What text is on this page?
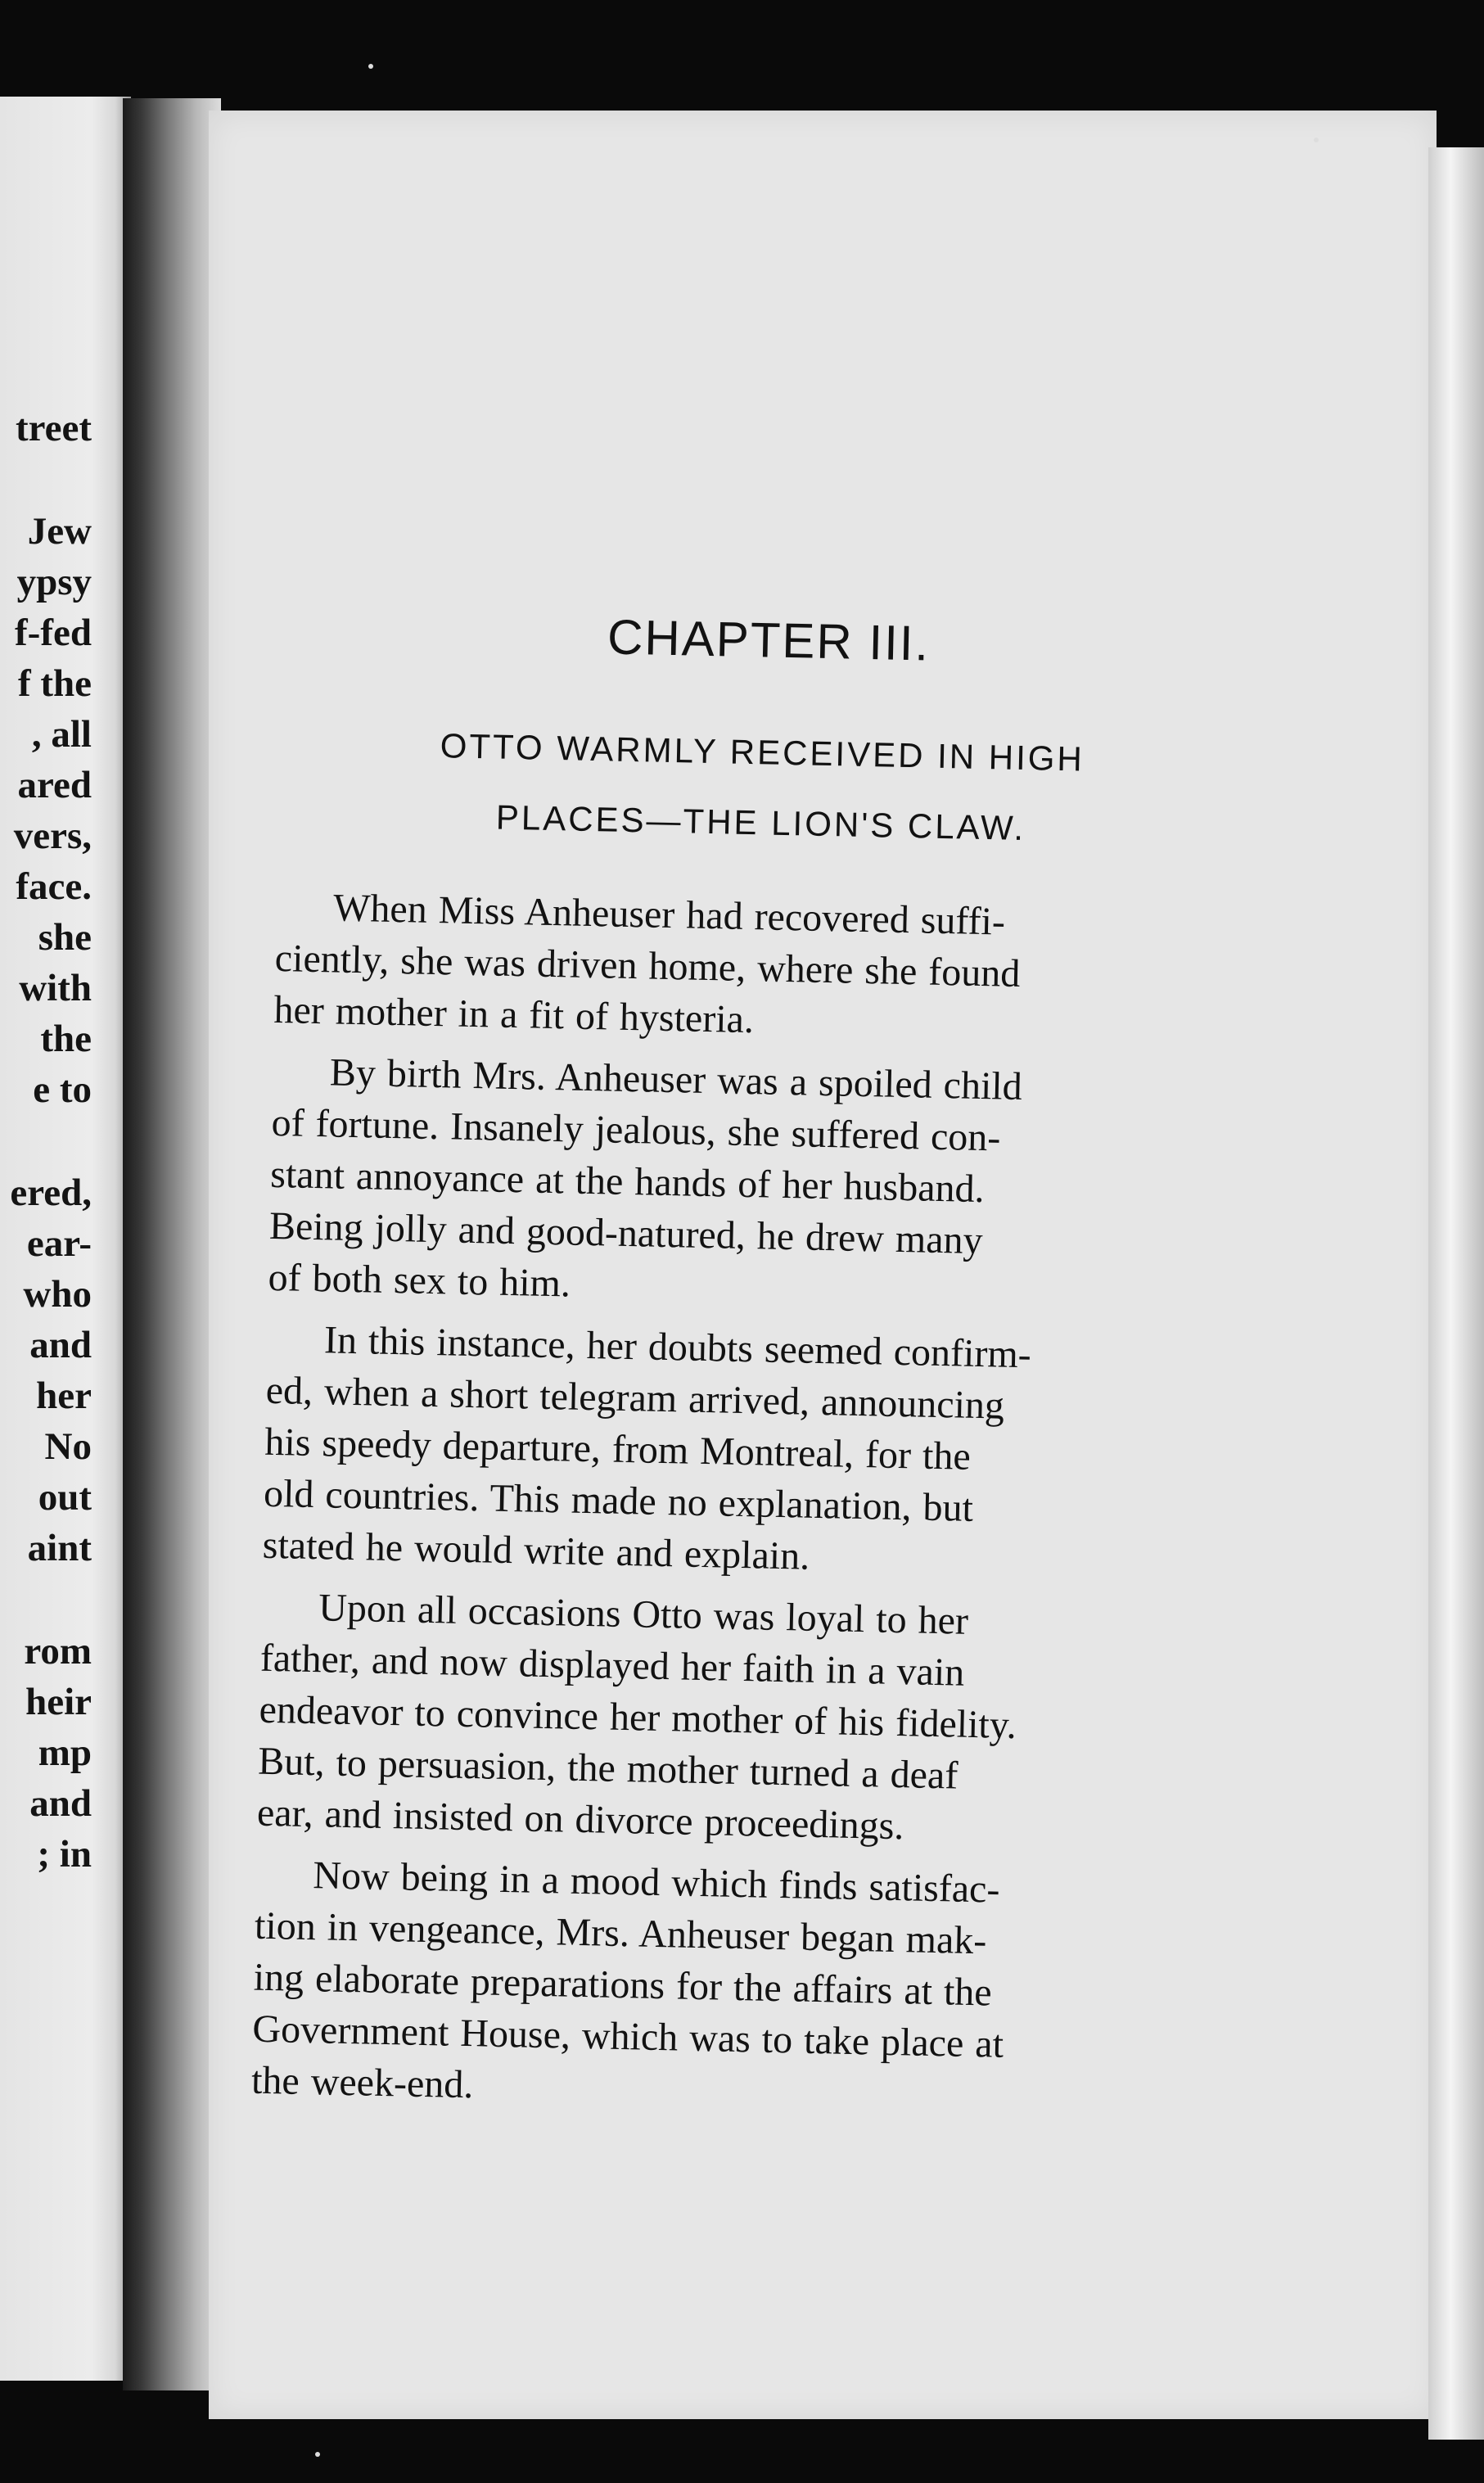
treet
Jew
ypsy
f-fed
f the
, all
ared
vers,
face.
she
with
the
e to
ered,
ear-
who
and
her
No
out
aint
rom
heir
mp
and
; in
CHAPTER III.
OTTO WARMLY RECEIVED IN HIGH
PLACES—THE LION'S CLAW.

When Miss Anheuser had recovered suffi-
ciently, she was driven home, where she found
her mother in a fit of hysteria.

By birth Mrs. Anheuser was a spoiled child
of fortune. Insanely jealous, she suffered con-
stant annoyance at the hands of her husband.
Being jolly and good-natured, he drew many
of both sex to him.

In this instance, her doubts seemed confirm-
ed, when a short telegram arrived, announcing
his speedy departure, from Montreal, for the
old countries. This made no explanation, but
stated he would write and explain.

Upon all occasions Otto was loyal to her
father, and now displayed her faith in a vain
endeavor to convince her mother of his fidelity.
But, to persuasion, the mother turned a deaf
ear, and insisted on divorce proceedings.

Now being in a mood which finds satisfac-
tion in vengeance, Mrs. Anheuser began mak-
ing elaborate preparations for the affairs at the
Government House, which was to take place at
the week-end.
